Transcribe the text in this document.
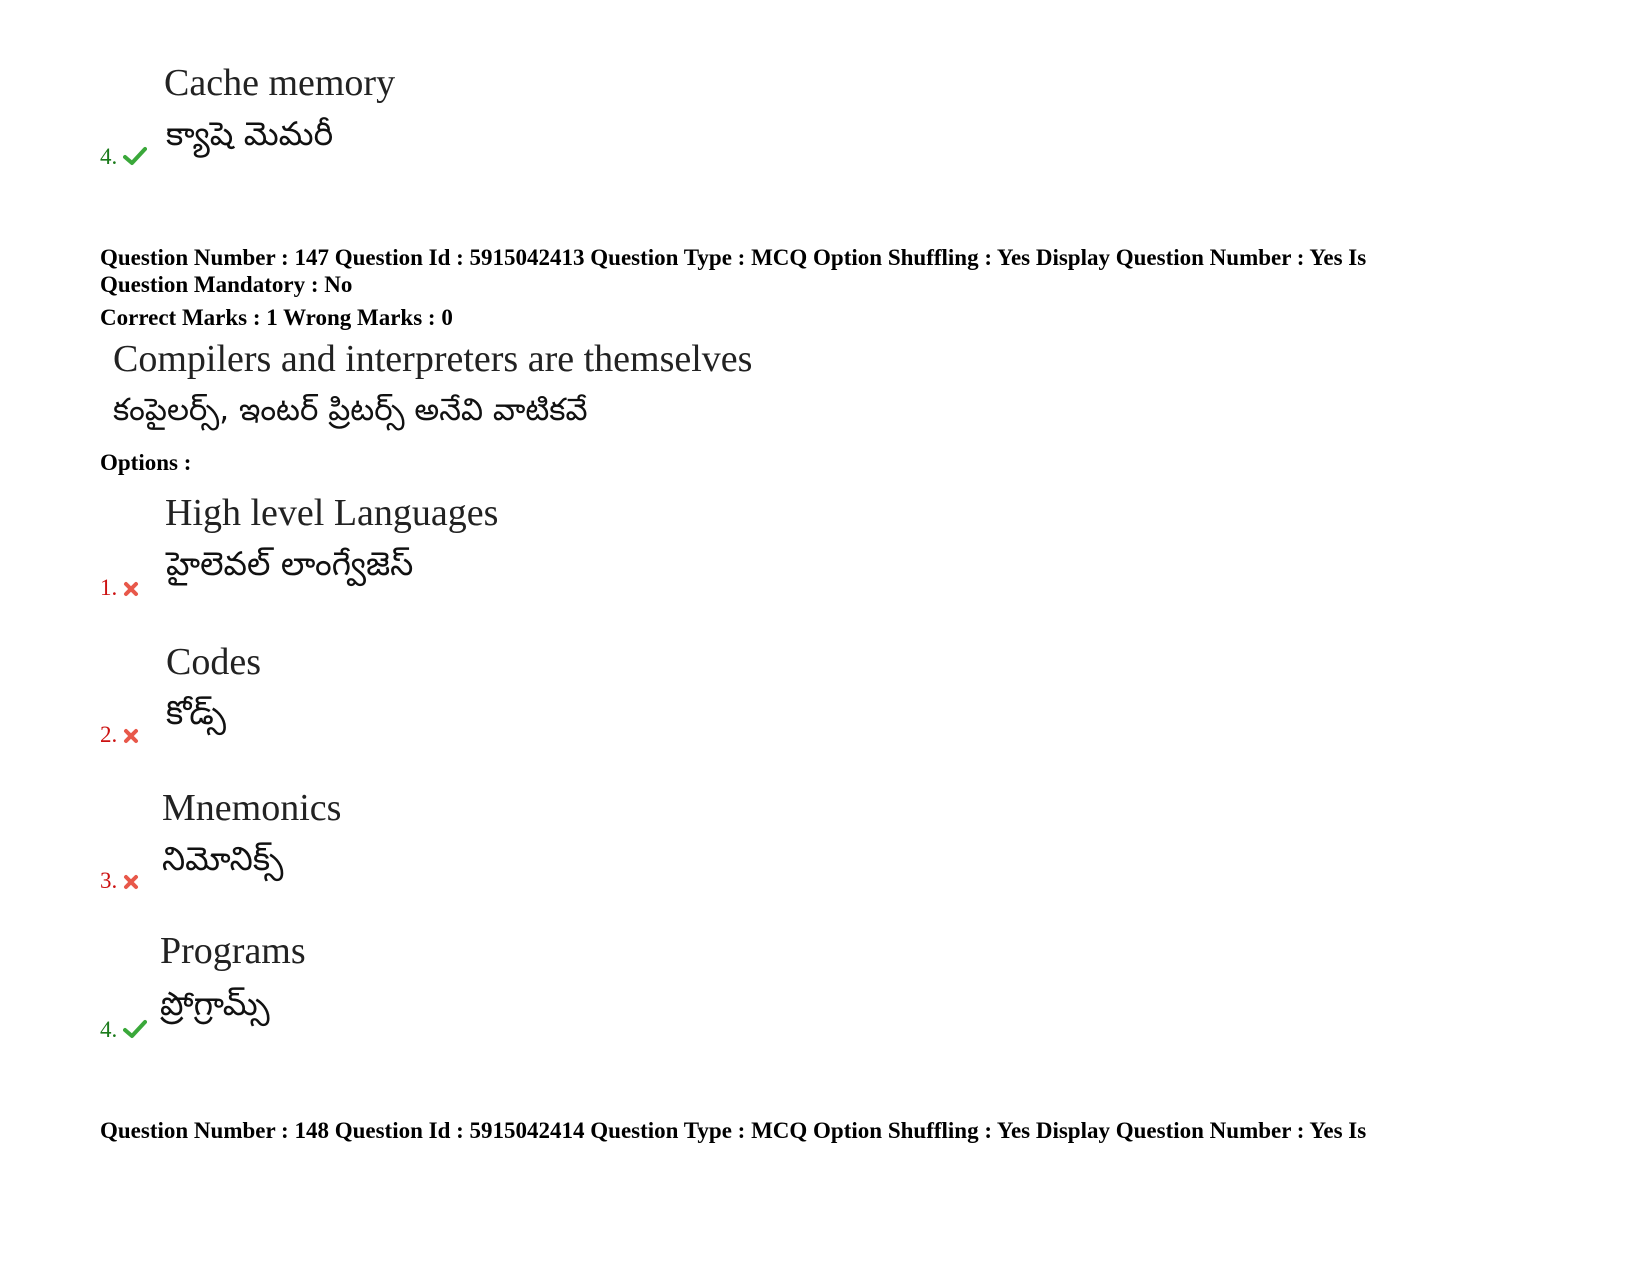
Cache memory
క్యాషె మెమరీ
4.
Question Number : 147 Question Id : 5915042413 Question Type : MCQ Option Shuffling : Yes Display Question Number : Yes Is
Question Mandatory : No
Correct Marks : 1 Wrong Marks : 0
Compilers and interpreters are themselves
కంపైలర్స్, ఇంటర్ ప్రిటర్స్ అనేవి వాటికవే
Options :
High level Languages
హైలెవల్ లాంగ్వేజెస్
1.
Codes
కోడ్స్
2.
Mnemonics
నిమోనిక్స్
3.
Programs
ప్రోగ్రామ్స్
4.
Question Number : 148 Question Id : 5915042414 Question Type : MCQ Option Shuffling : Yes Display Question Number : Yes Is
